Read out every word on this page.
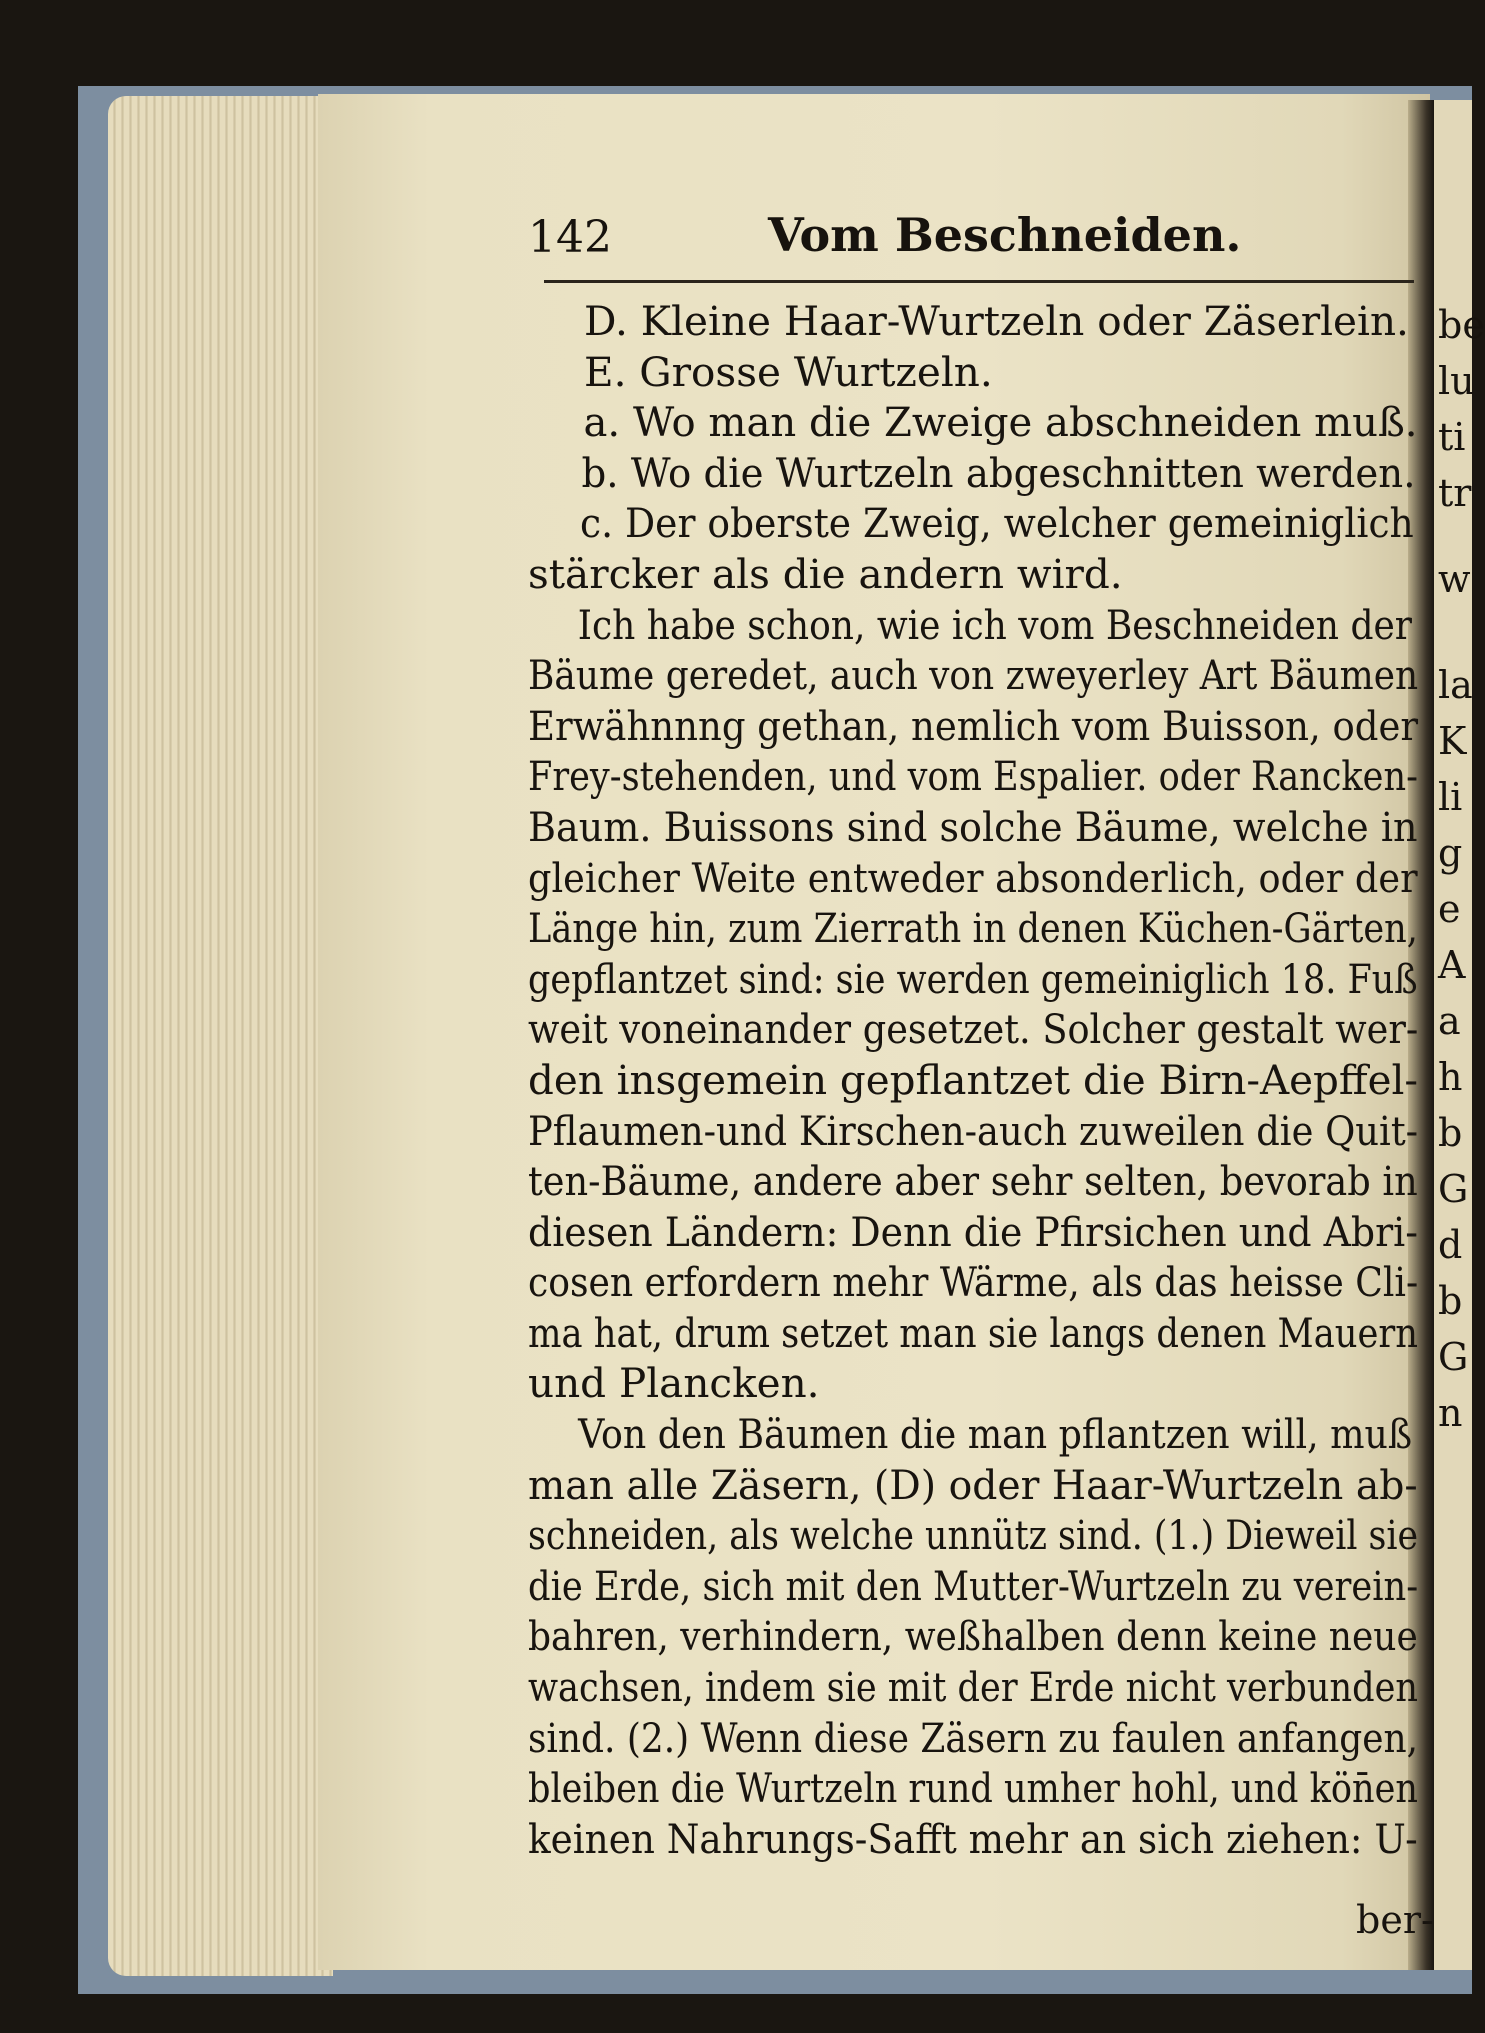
be
lu
ti
tr
w
la
K
li
g
e
A
a
h
b
G
d
b
G
n
142	Vom Beschneiden.
D. Kleine Haar-Wurtzeln oder Zäserlein.
E. Grosse Wurtzeln.
a. Wo man die Zweige abschneiden muß.
b. Wo die Wurtzeln abgeschnitten werden.
c. Der oberste Zweig, welcher gemeiniglich
stärcker als die andern wird.
Ich habe schon, wie ich vom Beschneiden der
Bäume geredet, auch von zweyerley Art Bäumen
Erwähnnng gethan, nemlich vom Buisson, oder
Frey-stehenden, und vom Espalier. oder Rancken-
Baum. Buissons sind solche Bäume, welche in
gleicher Weite entweder absonderlich, oder der
Länge hin, zum Zierrath in denen Küchen-Gärten,
gepflantzet sind: sie werden gemeiniglich 18. Fuß
weit voneinander gesetzet. Solcher gestalt wer-
den insgemein gepflantzet die Birn-Aepffel-
Pflaumen-und Kirschen-auch zuweilen die Quit-
ten-Bäume, andere aber sehr selten, bevorab in
diesen Ländern: Denn die Pfirsichen und Abri-
cosen erfordern mehr Wärme, als das heisse Cli-
ma hat, drum setzet man sie langs denen Mauern
und Plancken.
Von den Bäumen die man pflantzen will, muß
man alle Zäsern, (D) oder Haar-Wurtzeln ab-
schneiden, als welche unnütz sind. (1.) Dieweil sie
die Erde, sich mit den Mutter-Wurtzeln zu verein-
bahren, verhindern, weßhalben denn keine neue
wachsen, indem sie mit der Erde nicht verbunden
sind. (2.) Wenn diese Zäsern zu faulen anfangen,
bleiben die Wurtzeln rund umher hohl, und kön̄en
keinen Nahrungs-Safft mehr an sich ziehen: U-
ber-
